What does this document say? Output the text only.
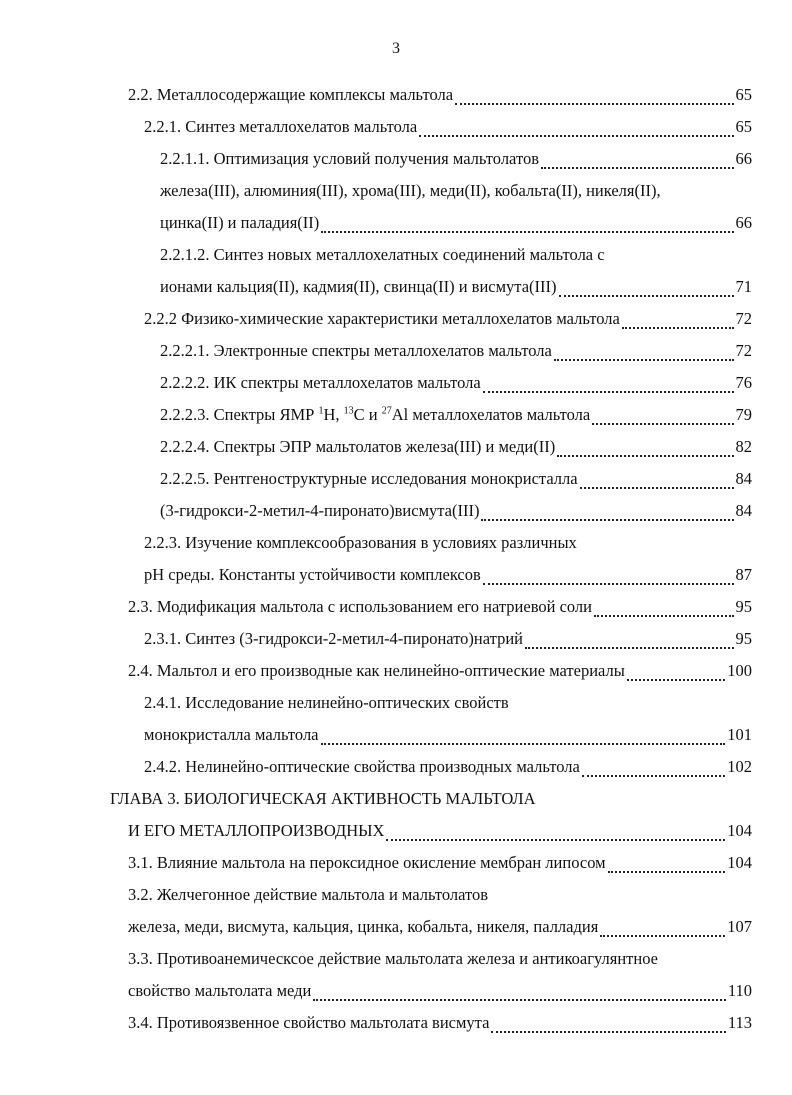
3
2.2. Металлосодержащие комплексы мальтола	65
2.2.1. Синтез металлохелатов мальтола	65
2.2.1.1. Оптимизация условий получения мальтолатов	66
железа(III), алюминия(III), хрома(III), меди(II), кобальта(II), никеля(II),
цинка(II) и паладия(II)	66
2.2.1.2. Синтез новых металлохелатных соединений мальтола с
ионами кальция(II), кадмия(II), свинца(II) и висмута(III)	71
2.2.2 Физико-химические характеристики металлохелатов мальтола	72
2.2.2.1. Электронные спектры металлохелатов мальтола	72
2.2.2.2. ИК спектры металлохелатов мальтола	76
2.2.2.3. Спектры ЯМР $^1$Н, $^{13}$С и $^{27}$Al металлохелатов мальтола	79
2.2.2.4. Спектры ЭПР мальтолатов железа(III) и меди(II)	82
2.2.2.5. Рентгеноструктурные исследования монокристалла	84
(3-гидрокси-2-метил-4-пиронато)висмута(III)	84
2.2.3. Изучение комплексообразования в условиях различных
рН среды. Константы устойчивости комплексов	87
2.3. Модификация мальтола с использованием его натриевой соли	95
2.3.1. Синтез (3-гидрокси-2-метил-4-пиронато)натрий	95
2.4. Мальтол и его производные как нелинейно-оптические материалы	100
2.4.1. Исследование нелинейно-оптических свойств
монокристалла мальтола	101
2.4.2. Нелинейно-оптические свойства производных мальтола	102
ГЛАВА 3. БИОЛОГИЧЕСКАЯ АКТИВНОСТЬ МАЛЬТОЛА
И ЕГО МЕТАЛЛОПРОИЗВОДНЫХ	104
3.1. Влияние мальтола на пероксидное окисление мембран липосом	104
3.2. Желчегонное действие мальтола и мальтолатов
железа, меди, висмута, кальция, цинка, кобальта, никеля, палладия	107
3.3. Противоанемическсое действие мальтолата железа и антикоагулянтное
свойство мальтолата меди	110
3.4. Противоязвенное свойство мальтолата висмута	113
